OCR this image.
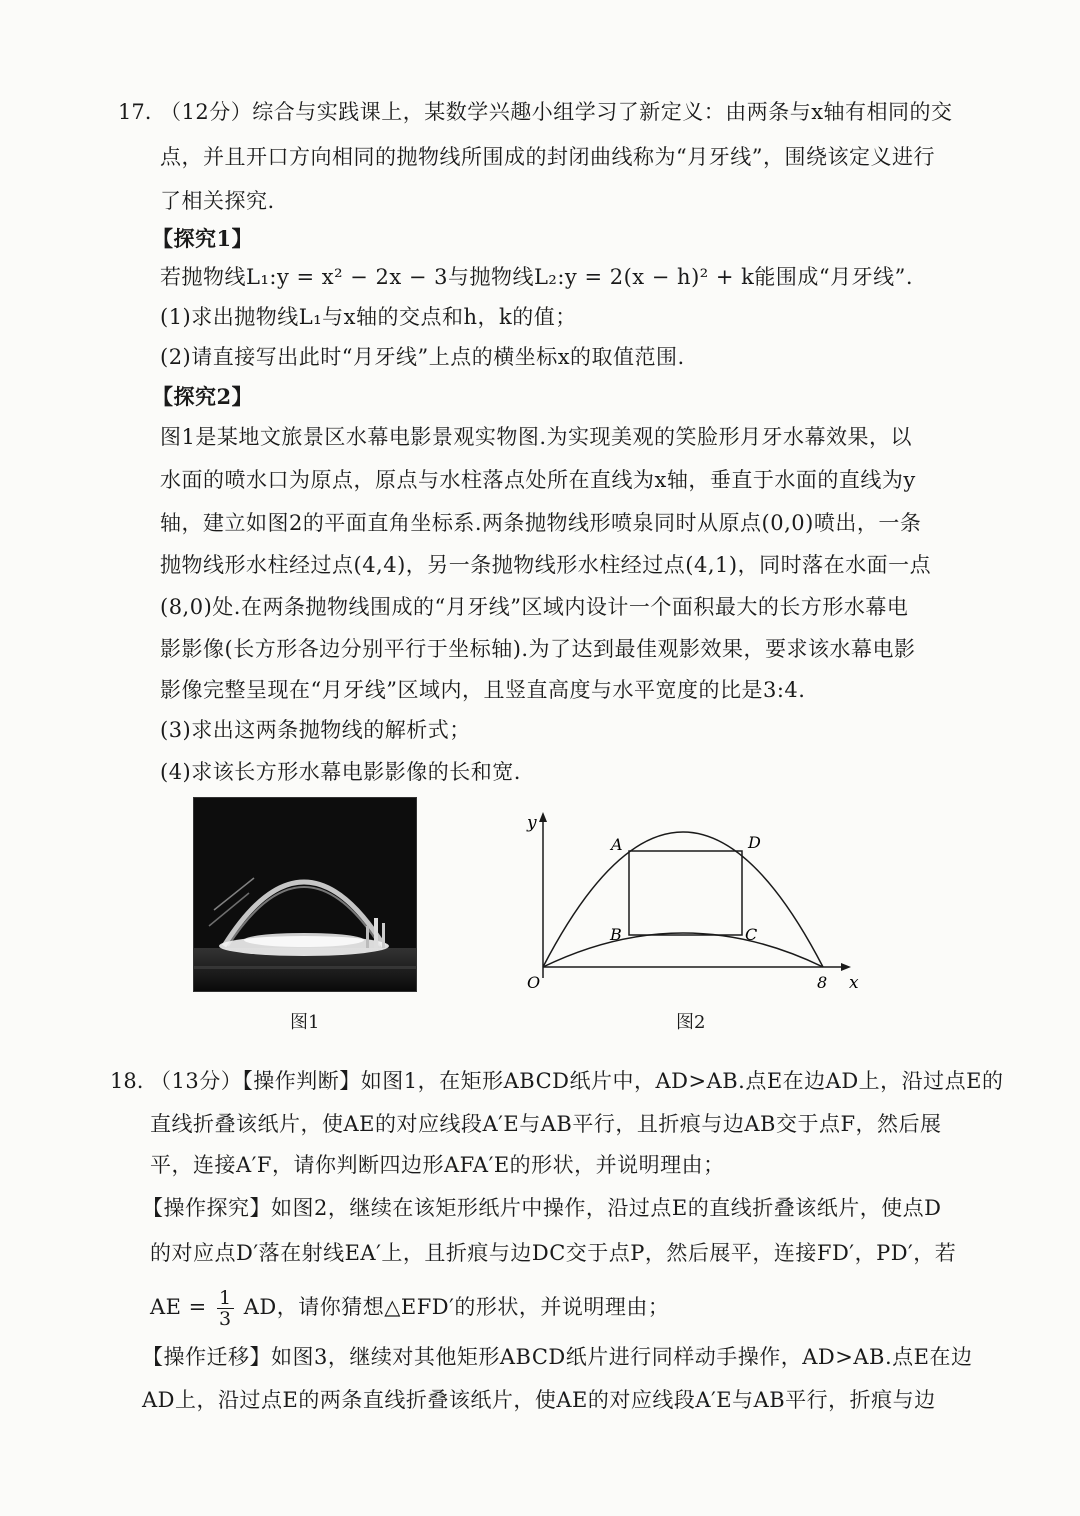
17. （12分）综合与实践课上，某数学兴趣小组学习了新定义：由两条与x轴有相同的交
点，并且开口方向相同的抛物线所围成的封闭曲线称为“月牙线”，围绕该定义进行
了相关探究.
【探究1】
若抛物线L₁:y = x² − 2x − 3与抛物线L₂:y = 2(x − h)² + k能围成“月牙线”.
(1)求出抛物线L₁与x轴的交点和h，k的值；
(2)请直接写出此时“月牙线”上点的横坐标x的取值范围.
【探究2】
图1是某地文旅景区水幕电影景观实物图.为实现美观的笑脸形月牙水幕效果，以
水面的喷水口为原点，原点与水柱落点处所在直线为x轴，垂直于水面的直线为y
轴，建立如图2的平面直角坐标系.两条抛物线形喷泉同时从原点(0,0)喷出，一条
抛物线形水柱经过点(4,4)，另一条抛物线形水柱经过点(4,1)，同时落在水面一点
(8,0)处.在两条抛物线围成的“月牙线”区域内设计一个面积最大的长方形水幕电
影影像(长方形各边分别平行于坐标轴).为了达到最佳观影效果，要求该水幕电影
影像完整呈现在“月牙线”区域内，且竖直高度与水平宽度的比是3:4.
(3)求出这两条抛物线的解析式；
(4)求该长方形水幕电影影像的长和宽.
图1
y
x
O	8
A	D
B	C
图2
18. （13分）【操作判断】如图1，在矩形ABCD纸片中，AD>AB.点E在边AD上，沿过点E的
直线折叠该纸片，使AE的对应线段A′E与AB平行，且折痕与边AB交于点F，然后展
平，连接A′F，请你判断四边形AFA′E的形状，并说明理由；
【操作探究】如图2，继续在该矩形纸片中操作，沿过点E的直线折叠该纸片，使点D
的对应点D′落在射线EA′上，且折痕与边DC交于点P，然后展平，连接FD′，PD′，若
AE = $\frac{1}{3}$ AD，请你猜想△EFD′的形状，并说明理由；
【操作迁移】如图3，继续对其他矩形ABCD纸片进行同样动手操作，AD>AB.点E在边
AD上，沿过点E的两条直线折叠该纸片，使AE的对应线段A′E与AB平行，折痕与边
